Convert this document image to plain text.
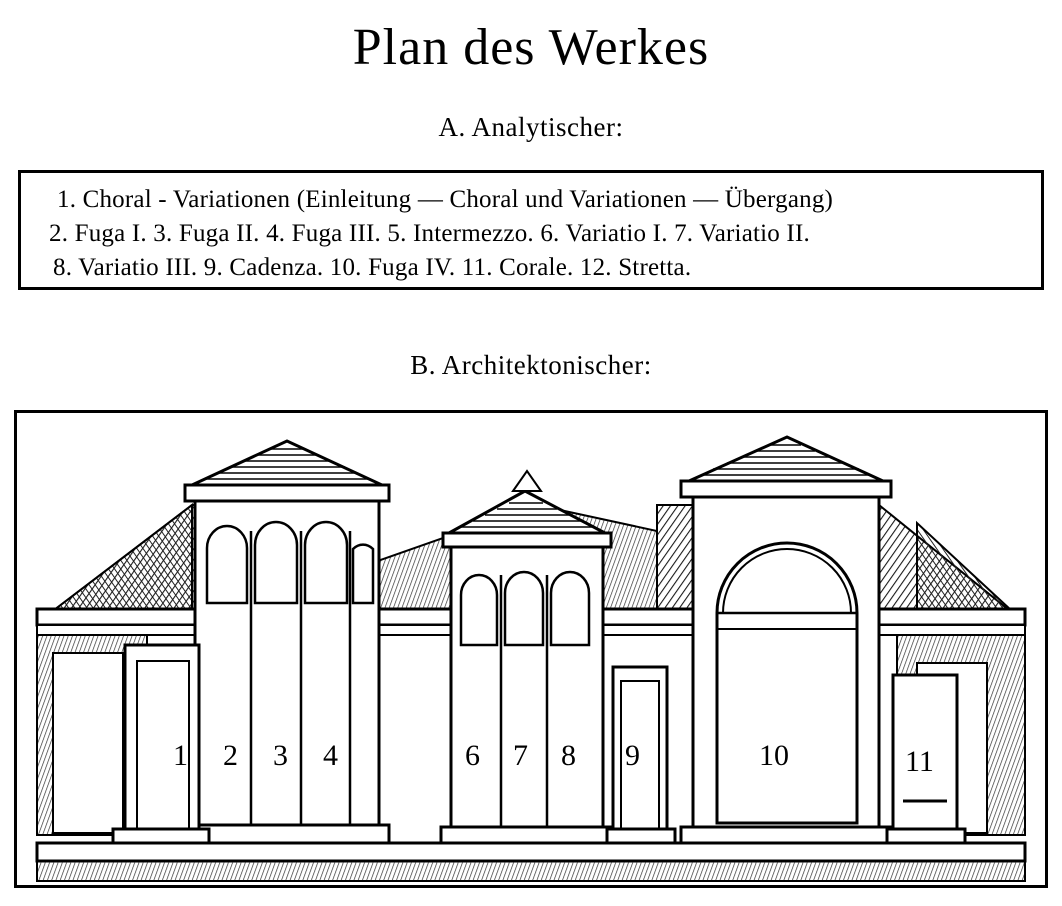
Plan des Werkes
A. Analytischer:
1. Choral - Variationen (Einleitung — Choral und Variationen — Übergang)
2. Fuga I. 3. Fuga II. 4. Fuga III. 5. Intermezzo. 6. Variatio I. 7. Variatio II.
8. Variatio III. 9. Cadenza. 10. Fuga IV. 11. Corale. 12. Stretta.
B. Architektonischer:
1 2 3 4	6 7 8 9	10	11
